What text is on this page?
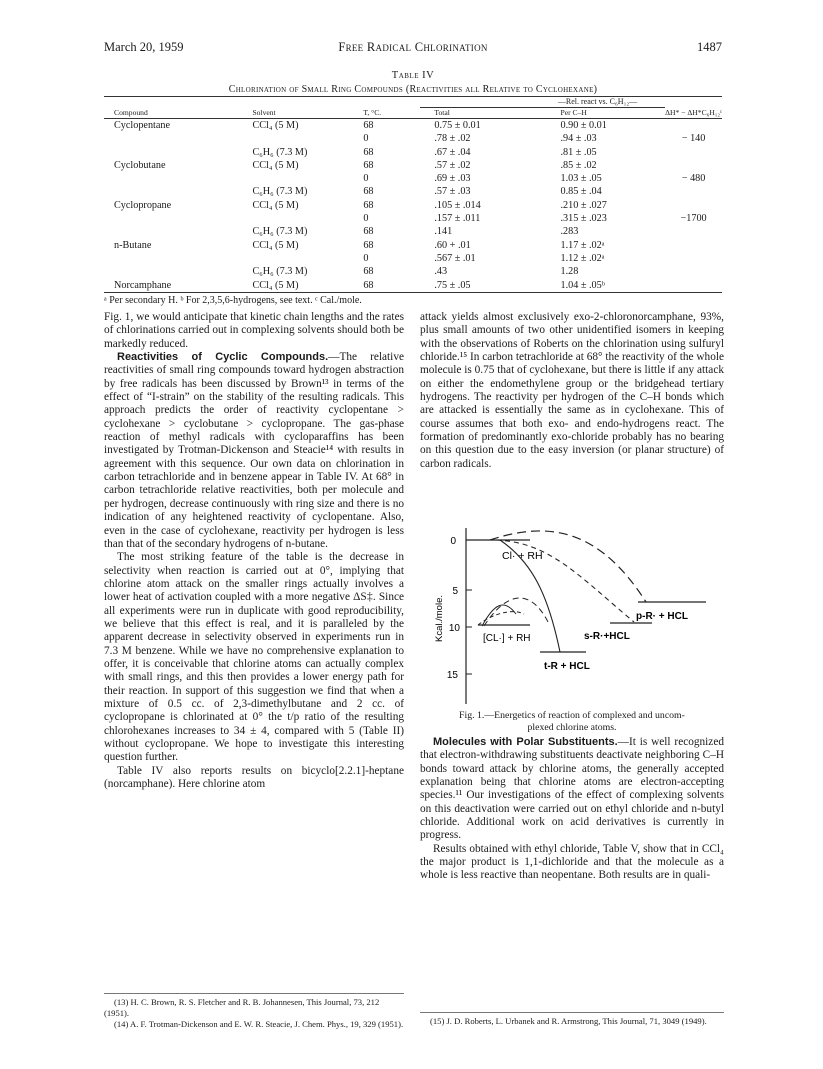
March 20, 1959	Free Radical Chlorination	1487
Table IV
Chlorination of Small Ring Compounds (Reactivities all Relative to Cyclohexane)
			—Rel. react vs. C₆H₁₂—		
Compound	Solvent	T, °C.	Total	Per C–H	ΔH* − ΔH*C₆H₁₂ᶜ
Cyclopentane	CCl₄ (5 M)	68	0.75 ± 0.01	0.90 ± 0.01	
		0	.78 ± .02	.94 ± .03	− 140
	C₆H₆ (7.3 M)	68	.67 ± .04	.81 ± .05	
Cyclobutane	CCl₄ (5 M)	68	.57 ± .02	.85 ± .02	
		0	.69 ± .03	1.03 ± .05	− 480
	C₆H₆ (7.3 M)	68	.57 ± .03	0.85 ± .04	
Cyclopropane	CCl₄ (5 M)	68	.105 ± .014	.210 ± .027	
		0	.157 ± .011	.315 ± .023	−1700
	C₆H₆ (7.3 M)	68	.141	.283	
n-Butane	CCl₄ (5 M)	68	.60 + .01	1.17 ± .02ᵃ	
		0	.567 ± .01	1.12 ± .02ᵃ	
	C₆H₆ (7.3 M)	68	.43	1.28	
Norcamphane	CCl₄ (5 M)	68	.75 ± .05	1.04 ± .05ᵇ	
ᵃ Per secondary H. ᵇ For 2,3,5,6-hydrogens, see text. ᶜ Cal./mole.

Fig. 1, we would anticipate that kinetic chain lengths and the rates of chlorinations carried out in complexing solvents should both be markedly reduced.

Reactivities of Cyclic Compounds.—The relative reactivities of small ring compounds toward hydrogen abstraction by free radicals has been discussed by Brown¹³ in terms of the effect of “I-strain” on the stability of the resulting radicals. This approach predicts the order of reactivity cyclopentane > cyclohexane > cyclobutane > cyclopropane. The gas-phase reaction of methyl radicals with cycloparaffins has been investigated by Trotman-Dickenson and Steacie¹⁴ with results in agreement with this sequence. Our own data on chlorination in carbon tetrachloride and in benzene appear in Table IV. At 68° in carbon tetrachloride relative reactivities, both per molecule and per hydrogen, decrease continuously with ring size and there is no indication of any heightened reactivity of cyclopentane. Also, even in the case of cyclohexane, reactivity per hydrogen is less than that of the secondary hydrogens of n-butane.

The most striking feature of the table is the decrease in selectivity when reaction is carried out at 0°, implying that chlorine atom attack on the smaller rings actually involves a lower heat of activation coupled with a more negative ΔS‡. Since all experiments were run in duplicate with good reproducibility, we believe that this effect is real, and it is paralleled by the apparent decrease in selectivity observed in experiments run in 7.3 M benzene. While we have no comprehensive explanation to offer, it is conceivable that chlorine atoms can actually complex with small rings, and this then provides a lower energy path for their reaction. In support of this suggestion we find that when a mixture of 0.5 cc. of 2,3-dimethylbutane and 2 cc. of cyclopropane is chlorinated at 0° the t/p ratio of the resulting chlorohexanes increases to 34 ± 4, compared with 5 (Table II) without cyclopropane. We hope to investigate this interesting question further.

Table IV also reports results on bicyclo[2.2.1]-heptane (norcamphane). Here chlorine atom

(13) H. C. Brown, R. S. Fletcher and R. B. Johannesen, This Journal, 73, 212 (1951).

(14) A. F. Trotman-Dickenson and E. W. R. Steacie, J. Chem. Phys., 19, 329 (1951).

attack yields almost exclusively exo-2-chloronorcamphane, 93%, plus small amounts of two other unidentified isomers in keeping with the observations of Roberts on the chlorination using sulfuryl chloride.¹⁵ In carbon tetrachloride at 68° the reactivity of the whole molecule is 0.75 that of cyclohexane, but there is little if any attack on either the endomethylene group or the bridgehead tertiary hydrogens. The reactivity per hydrogen of the C–H bonds which are attacked is essentially the same as in cyclohexane. This of course assumes that both exo- and endo-hydrogens react. The formation of predominantly exo-chloride probably has no bearing on this question due to the easy inversion (or planar structure) of carbon radicals.

0
5
10
15
Kcal./mole.
Cl· + RH
[CL·] + RH
p-R· + HCL
s-R·+HCL
t-R + HCL
Fig. 1.—Energetics of reaction of complexed and uncom-
plexed chlorine atoms.

Molecules with Polar Substituents.—It is well recognized that electron-withdrawing substituents deactivate neighboring C–H bonds toward attack by chlorine atoms, the generally accepted explanation being that chlorine atoms are electron-accepting species.¹¹ Our investigations of the effect of complexing solvents on this deactivation were carried out on ethyl chloride and n-butyl chloride. Additional work on acid derivatives is currently in progress.

Results obtained with ethyl chloride, Table V, show that in CCl₄ the major product is 1,1-dichloride and that the molecule as a whole is less reactive than neopentane. Both results are in quali-

(15) J. D. Roberts, L. Urbanek and R. Armstrong, This Journal, 71, 3049 (1949).
